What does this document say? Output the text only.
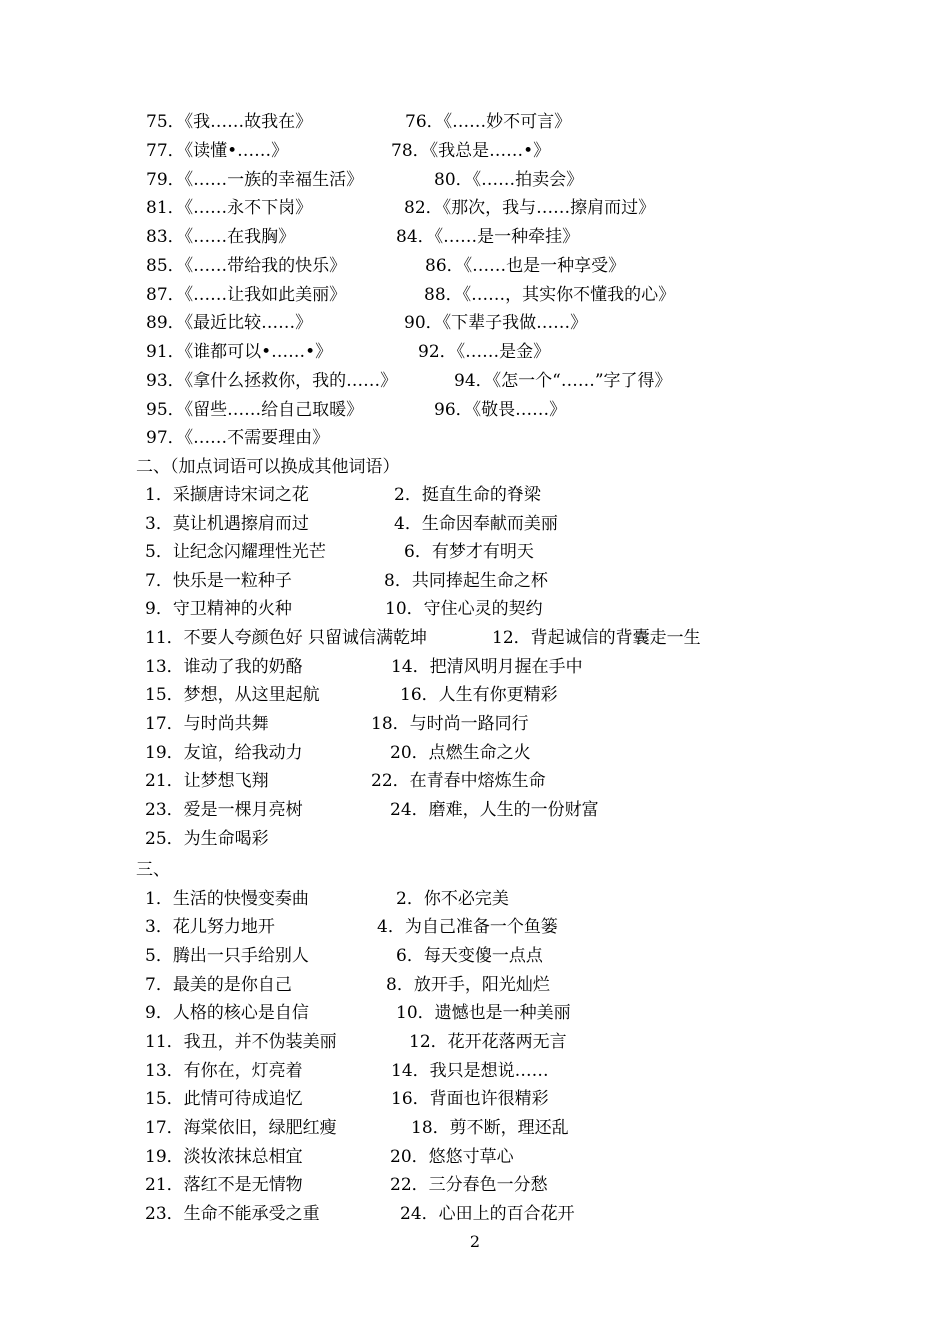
75．《我……故我在》	76．《……妙不可言》
77．《读懂•……》	78．《我总是……•》
79．《……一族的幸福生活》	80．《……拍卖会》
81．《……永不下岗》	82．《那次，我与……擦肩而过》
83．《……在我胸》	84．《……是一种牵挂》
85．《……带给我的快乐》	86．《……也是一种享受》
87．《……让我如此美丽》	88．《……，其实你不懂我的心》
89．《最近比较……》	90．《下辈子我做……》
91．《谁都可以•……•》	92．《……是金》
93．《拿什么拯救你，我的……》	94．《怎一个“……”字了得》
95．《留些……给自己取暖》	96．《敬畏……》
97．《……不需要理由》
二、（加点词语可以换成其他词语）
1．采撷唐诗宋词之花	2．挺直生命的脊梁
3．莫让机遇擦肩而过	4．生命因奉献而美丽
5．让纪念闪耀理性光芒	6．有梦才有明天
7．快乐是一粒种子	8．共同捧起生命之杯
9．守卫精神的火种	10．守住心灵的契约
11．不要人夸颜色好 只留诚信满乾坤	12．背起诚信的背囊走一生
13．谁动了我的奶酪	14．把清风明月握在手中
15．梦想，从这里起航	16．人生有你更精彩
17．与时尚共舞	18．与时尚一路同行
19．友谊，给我动力	20．点燃生命之火
21．让梦想飞翔	22．在青春中熔炼生命
23．爱是一棵月亮树	24．磨难，人生的一份财富
25．为生命喝彩
三、
1．生活的快慢变奏曲	2．你不必完美
3．花儿努力地开	4．为自己准备一个鱼篓
5．腾出一只手给别人	6．每天变傻一点点
7．最美的是你自己	8．放开手，阳光灿烂
9．人格的核心是自信	10．遗憾也是一种美丽
11．我丑，并不伪装美丽	12．花开花落两无言
13．有你在，灯亮着	14．我只是想说……
15．此情可待成追忆	16．背面也许很精彩
17．海棠依旧，绿肥红瘦	18．剪不断，理还乱
19．淡妆浓抹总相宜	20．悠悠寸草心
21．落红不是无情物	22．三分春色一分愁
23．生命不能承受之重	24．心田上的百合花开
2
